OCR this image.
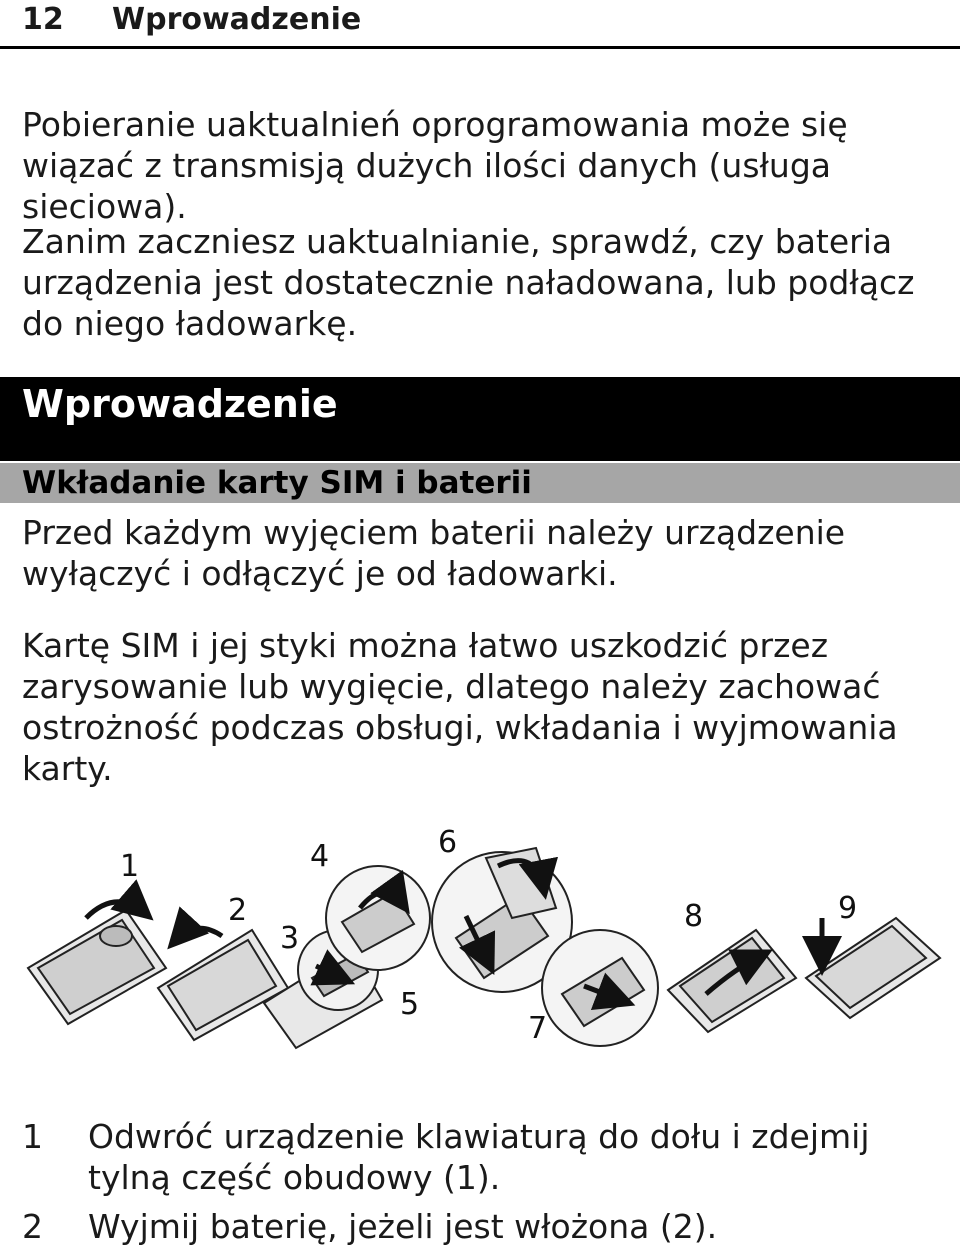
12 Wprowadzenie

Pobieranie uaktualnień oprogramowania może się wiązać z transmisją dużych ilości danych (usługa sieciowa).

Zanim zaczniesz uaktualnianie, sprawdź, czy bateria urządzenia jest dostatecznie naładowana, lub podłącz do niego ładowarkę.

Wprowadzenie
Wkładanie karty SIM i baterii

Przed każdym wyjęciem baterii należy urządzenie wyłączyć i odłączyć je od ładowarki.

Kartę SIM i jej styki można łatwo uszkodzić przez zarysowanie lub wygięcie, dlatego należy zachować ostrożność podczas obsługi, wkładania i wyjmowania karty.

1
2
3
4
5
6
7
8	9
1 Odwróć urządzenie klawiaturą do dołu i zdejmij tylną część obudowy (1).
2 Wyjmij baterię, jeżeli jest włożona (2).
